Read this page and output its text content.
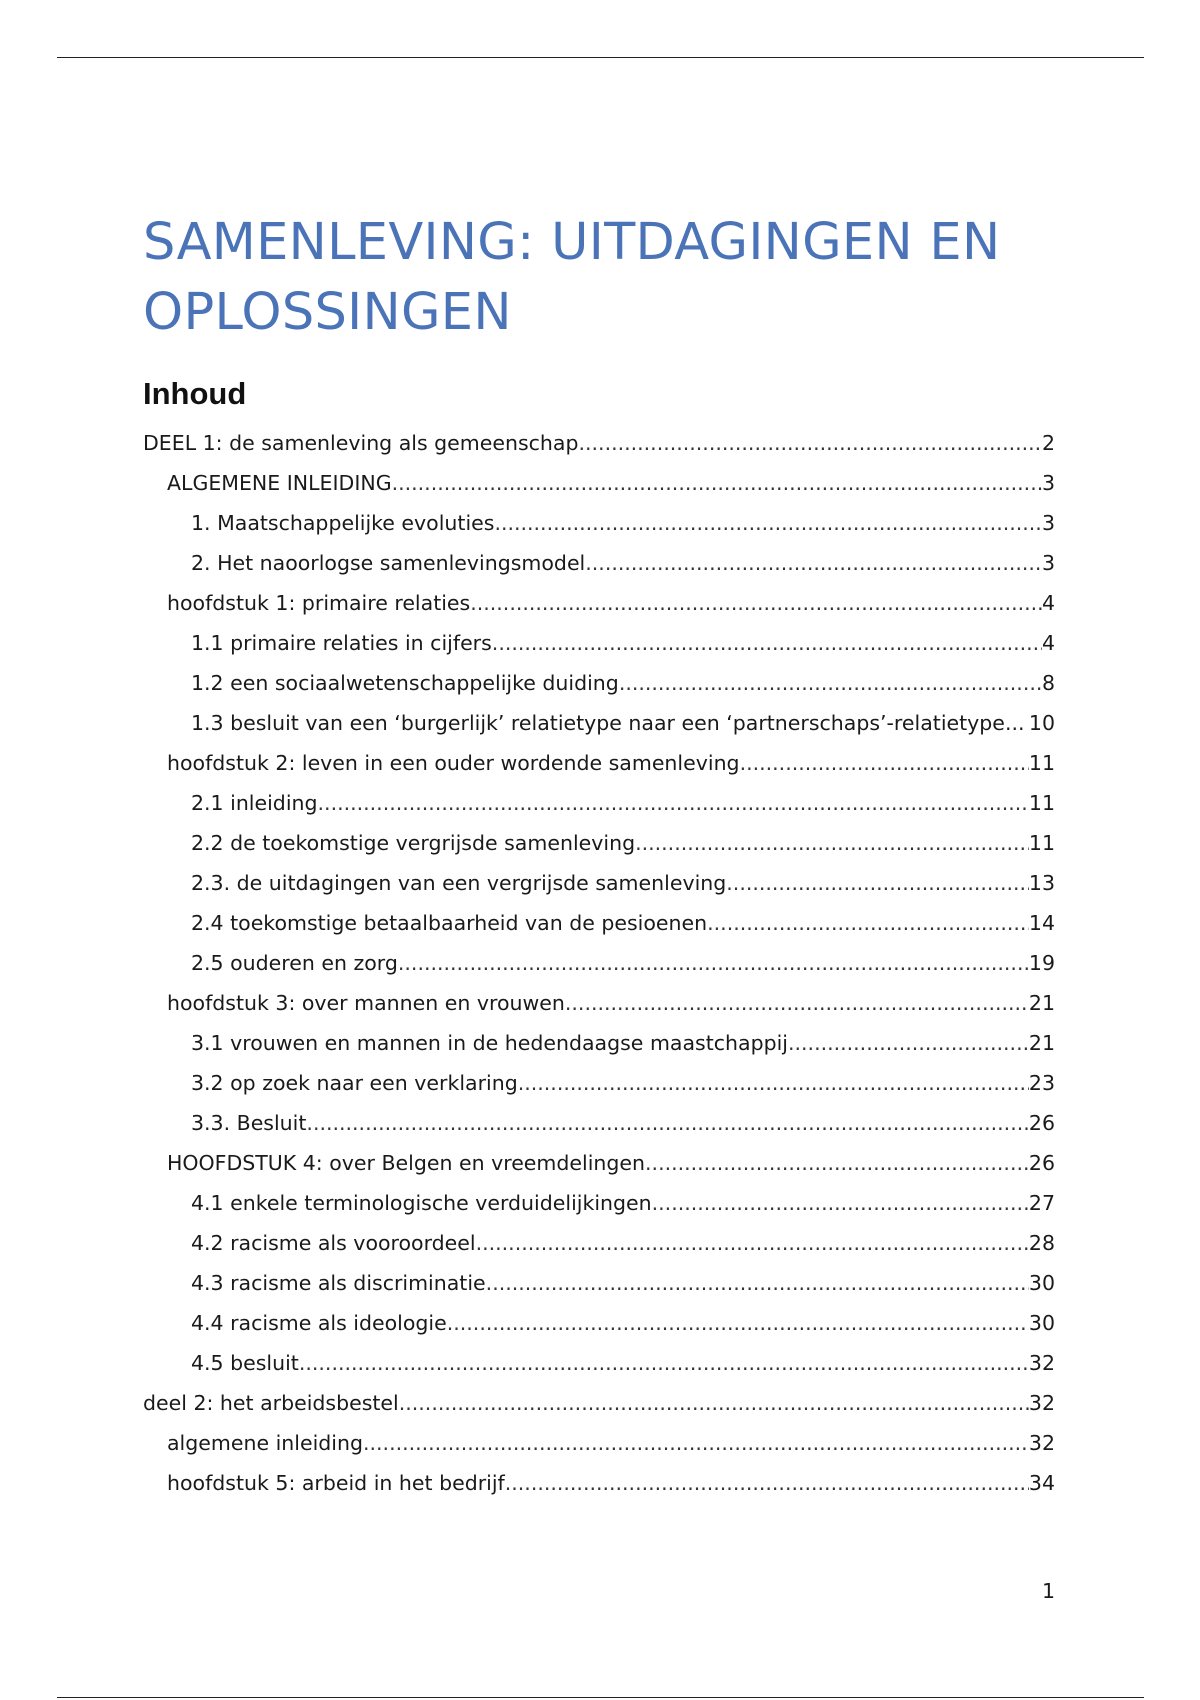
SAMENLEVING: UITDAGINGEN EN OPLOSSINGEN
Inhoud
DEEL 1: de samenleving als gemeenschap .....	2
ALGEMENE INLEIDING .....	3
1. Maatschappelijke evoluties .....	3
2. Het naoorlogse samenlevingsmodel .....	3
hoofdstuk 1: primaire relaties .....	4
1.1 primaire relaties in cijfers .....	4
1.2 een sociaalwetenschappelijke duiding .....	8
1.3 besluit van een ‘burgerlijk’ relatietype naar een ‘partnerschaps’-relatietype... 10
hoofdstuk 2: leven in een ouder wordende samenleving .....	11
2.1 inleiding .....	11
2.2 de toekomstige vergrijsde samenleving .....	11
2.3. de uitdagingen van een vergrijsde samenleving .....	13
2.4 toekomstige betaalbaarheid van de pesioenen .....	14
2.5 ouderen en zorg .....	19
hoofdstuk 3: over mannen en vrouwen .....	21
3.1 vrouwen en mannen in de hedendaagse maastchappij .....	21
3.2 op zoek naar een verklaring .....	23
3.3. Besluit .....	26
HOOFDSTUK 4: over Belgen en vreemdelingen .....	26
4.1 enkele terminologische verduidelijkingen .....	27
4.2 racisme als vooroordeel .....	28
4.3 racisme als discriminatie .....	30
4.4 racisme als ideologie .....	30
4.5 besluit .....	32
deel 2: het arbeidsbestel .....	32
algemene inleiding .....	32
hoofdstuk 5: arbeid in het bedrijf .....	34
1
